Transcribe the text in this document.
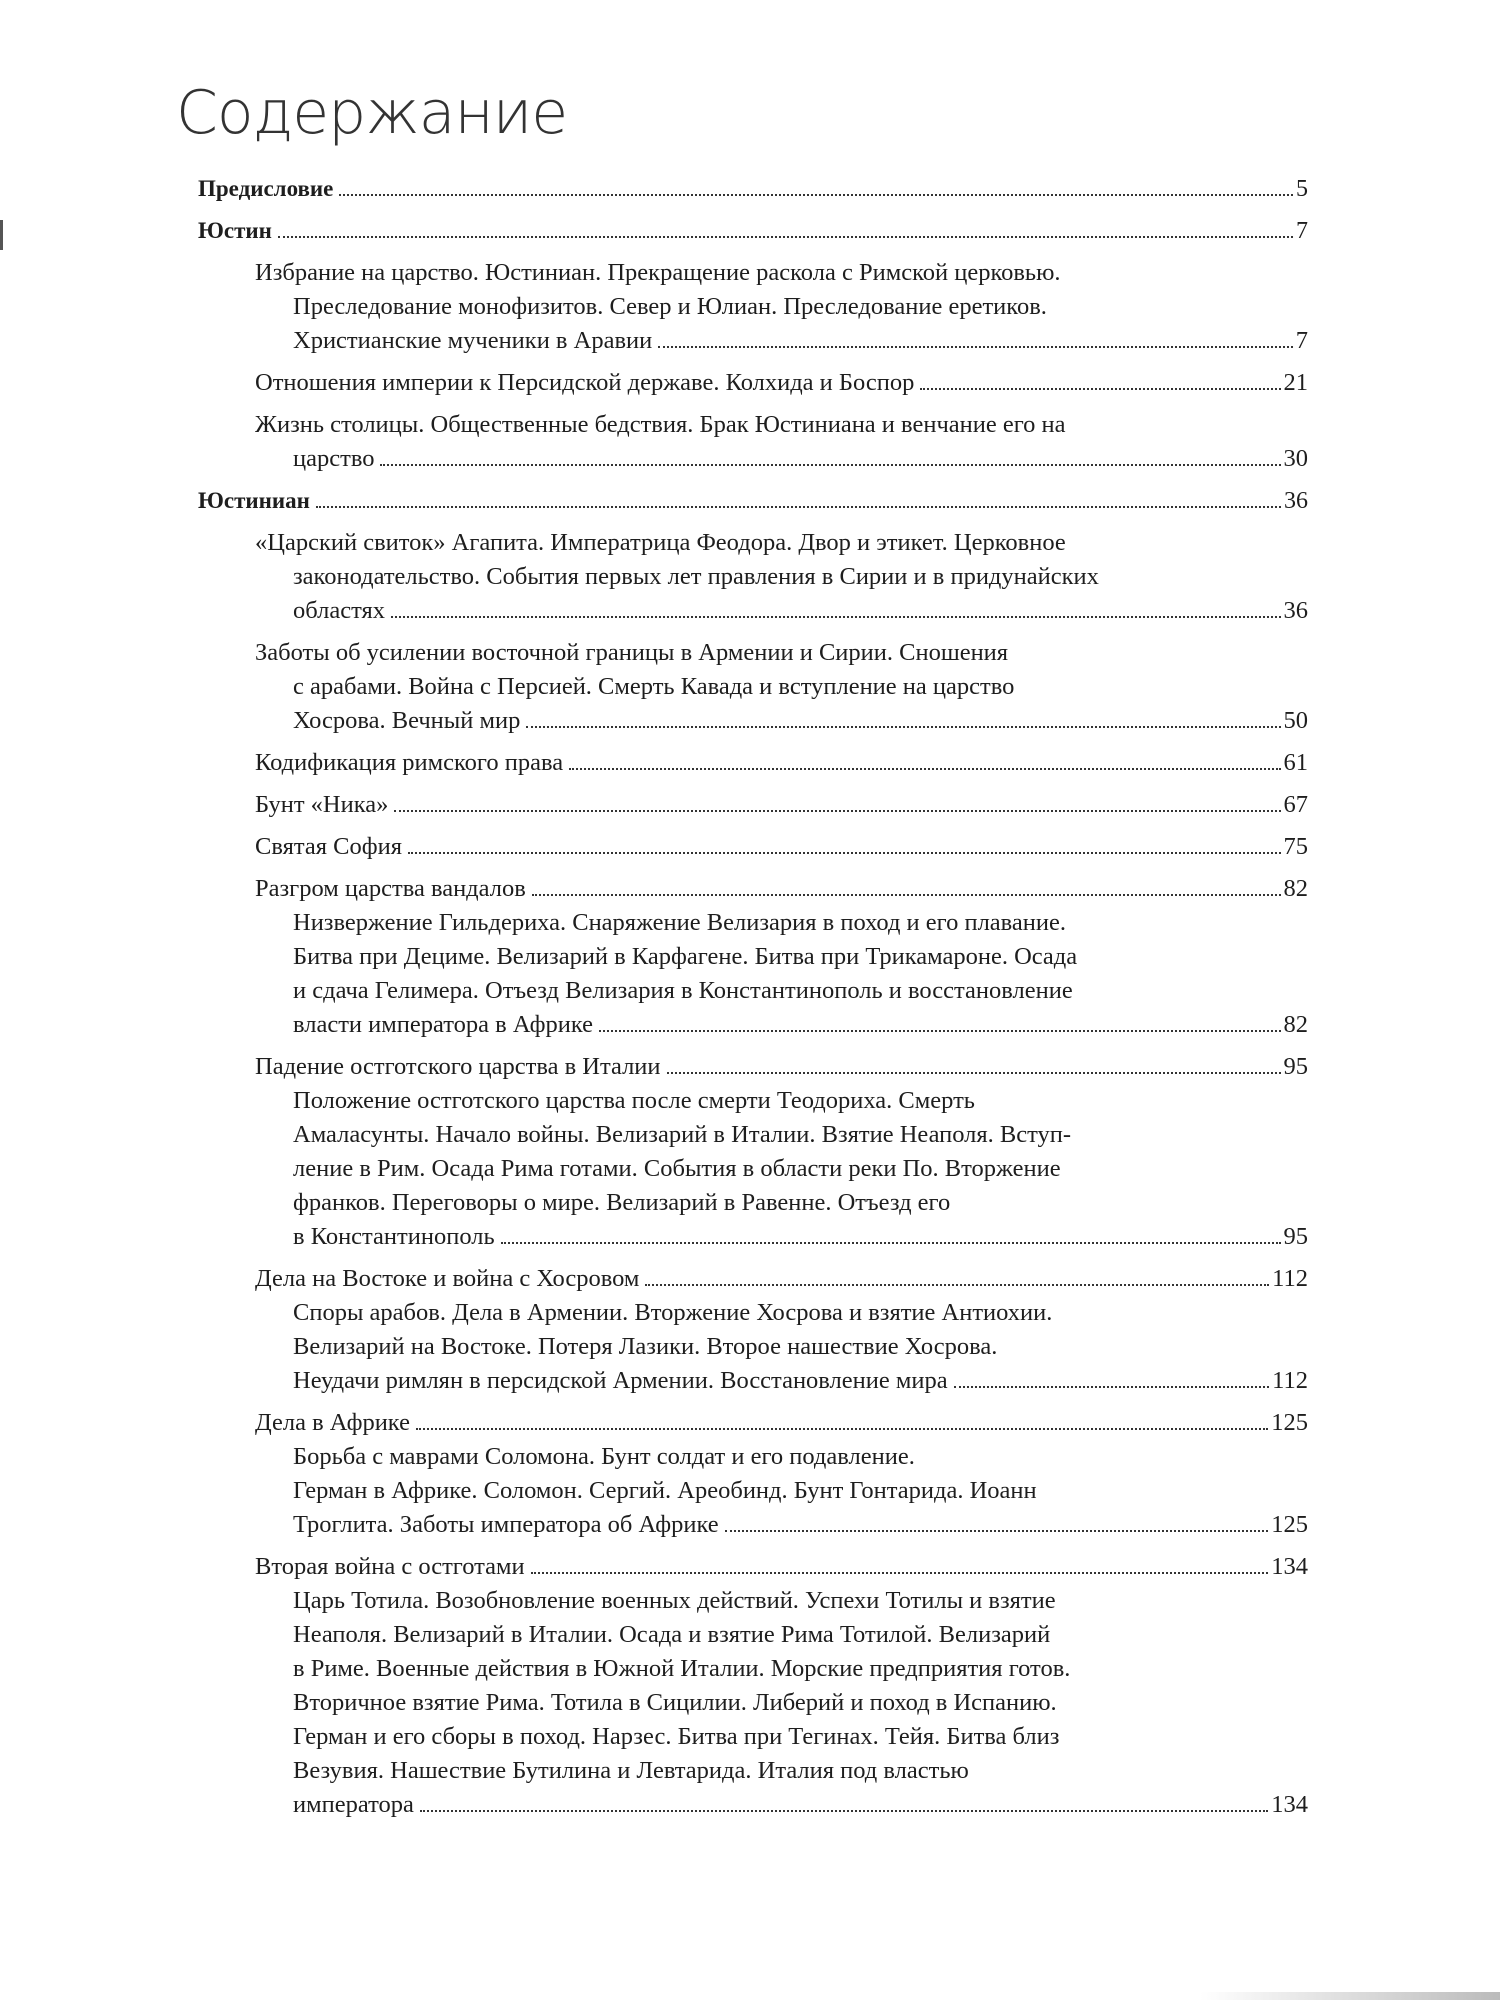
Содержание
Предисловие	5
Юстин	7
Избрание на царство. Юстиниан. Прекращение раскола с Римской церковью.
Преследование монофизитов. Север и Юлиан. Преследование еретиков.
Христианские мученики в Аравии	7
Отношения империи к Персидской державе. Колхида и Боспор	21
Жизнь столицы. Общественные бедствия. Брак Юстиниана и венчание его на
царство	30
Юстиниан	36
«Царский свиток» Агапита. Императрица Феодора. Двор и этикет. Церковное
законодательство. События первых лет правления в Сирии и в придунайских
областях	36
Заботы об усилении восточной границы в Армении и Сирии. Сношения
с арабами. Война с Персией. Смерть Кавада и вступление на царство
Хосрова. Вечный мир	50
Кодификация римского права	61
Бунт «Ника»	67
Святая София	75
Разгром царства вандалов	82
Низвержение Гильдериха. Снаряжение Велизария в поход и его плавание.
Битва при Дециме. Велизарий в Карфагене. Битва при Трикамароне. Осада
и сдача Гелимера. Отъезд Велизария в Константинополь и восстановление
власти императора в Африке	82
Падение остготского царства в Италии	95
Положение остготского царства после смерти Теодориха. Смерть
Амаласунты. Начало войны. Велизарий в Италии. Взятие Неаполя. Вступ-
ление в Рим. Осада Рима готами. События в области реки По. Вторжение
франков. Переговоры о мире. Велизарий в Равенне. Отъезд его
в Константинополь	95
Дела на Востоке и война с Хосровом	112
Споры арабов. Дела в Армении. Вторжение Хосрова и взятие Антиохии.
Велизарий на Востоке. Потеря Лазики. Второе нашествие Хосрова.
Неудачи римлян в персидской Армении. Восстановление мира	112
Дела в Африке	125
Борьба с маврами Соломона. Бунт солдат и его подавление.
Герман в Африке. Соломон. Сергий. Ареобинд. Бунт Гонтарида. Иоанн
Троглита. Заботы императора об Африке	125
Вторая война с остготами	134
Царь Тотила. Возобновление военных действий. Успехи Тотилы и взятие
Неаполя. Велизарий в Италии. Осада и взятие Рима Тотилой. Велизарий
в Риме. Военные действия в Южной Италии. Морские предприятия готов.
Вторичное взятие Рима. Тотила в Сицилии. Либерий и поход в Испанию.
Герман и его сборы в поход. Нарзес. Битва при Тегинах. Тейя. Битва близ
Везувия. Нашествие Бутилина и Левтарида. Италия под властью
императора	134
